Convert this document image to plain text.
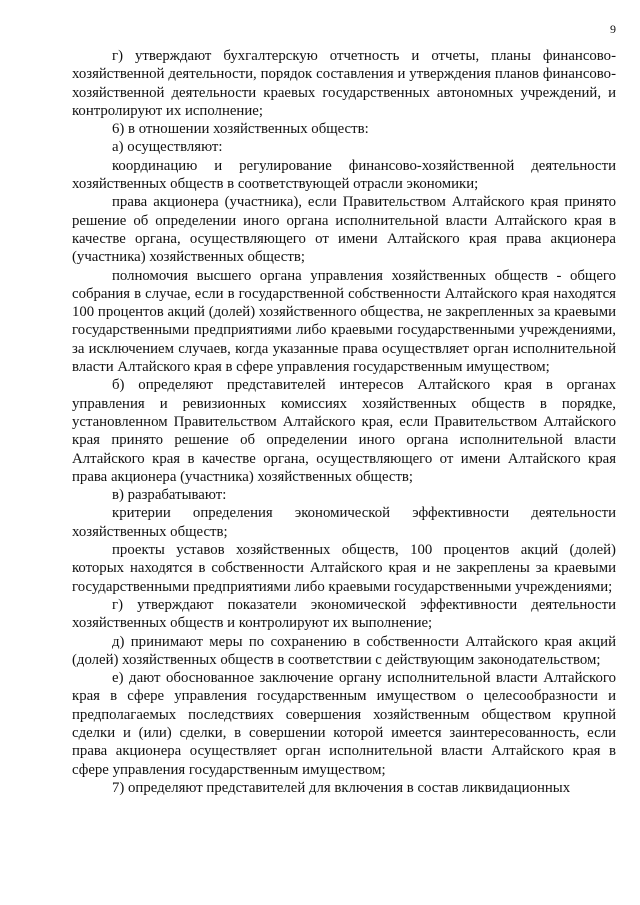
9

г) утверждают бухгалтерскую отчетность и отчеты, планы финансово-хозяйственной деятельности, порядок составления и утверждения планов финансово-хозяйственной деятельности краевых государственных автономных учреждений, и контролируют их исполнение;

6) в отношении хозяйственных обществ:

а) осуществляют:

координацию и регулирование финансово-хозяйственной деятельности хозяйственных обществ в соответствующей отрасли экономики;

права акционера (участника), если Правительством Алтайского края принято решение об определении иного органа исполнительной власти Алтайского края в качестве органа, осуществляющего от имени Алтайского края права акционера (участника) хозяйственных обществ;

полномочия высшего органа управления хозяйственных обществ - общего собрания в случае, если в государственной собственности Алтайского края находятся 100 процентов акций (долей) хозяйственного общества, не закрепленных за краевыми государственными предприятиями либо краевыми государственными учреждениями, за исключением случаев, когда указанные права осуществляет орган исполнительной власти Алтайского края в сфере управления государственным имуществом;

б) определяют представителей интересов Алтайского края в органах управления и ревизионных комиссиях хозяйственных обществ в порядке, установленном Правительством Алтайского края, если Правительством Алтайского края принято решение об определении иного органа исполнительной власти Алтайского края в качестве органа, осуществляющего от имени Алтайского края права акционера (участника) хозяйственных обществ;

в) разрабатывают:

критерии определения экономической эффективности деятельности хозяйственных обществ;

проекты уставов хозяйственных обществ, 100 процентов акций (долей) которых находятся в собственности Алтайского края и не закреплены за краевыми государственными предприятиями либо краевыми государственными учреждениями;

г) утверждают показатели экономической эффективности деятельности хозяйственных обществ и контролируют их выполнение;

д) принимают меры по сохранению в собственности Алтайского края акций (долей) хозяйственных обществ в соответствии с действующим законодательством;

е) дают обоснованное заключение органу исполнительной власти Алтайского края в сфере управления государственным имуществом о целесообразности и предполагаемых последствиях совершения хозяйственным обществом крупной сделки и (или) сделки, в совершении которой имеется заинтересованность, если права акционера осуществляет орган исполнительной власти Алтайского края в сфере управления государственным имуществом;

7) определяют представителей для включения в состав ликвидационных
